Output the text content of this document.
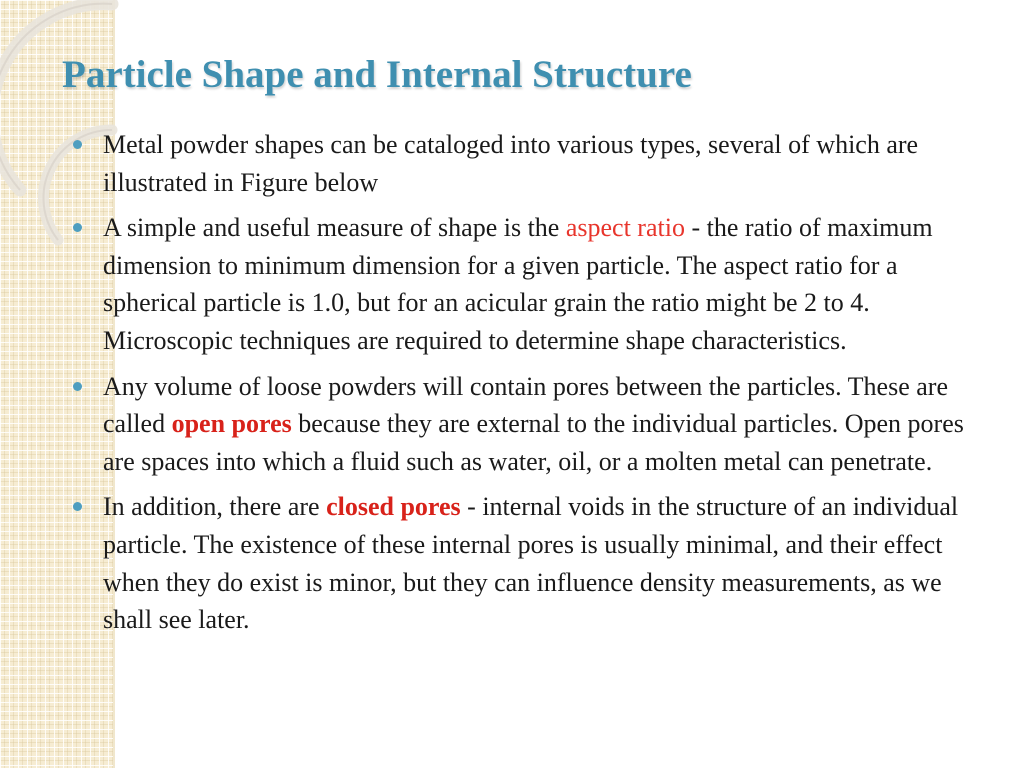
Particle Shape and Internal Structure
Metal powder shapes can be cataloged into various types, several of which are illustrated in Figure below
A simple and useful measure of shape is the aspect ratio - the ratio of maximum dimension to minimum dimension for a given particle. The aspect ratio for a spherical particle is 1.0, but for an acicular grain the ratio might be 2 to 4. Microscopic techniques are required to determine shape characteristics.
Any volume of loose powders will contain pores between the particles. These are called open pores because they are external to the individual particles. Open pores are spaces into which a fluid such as water, oil, or a molten metal can penetrate.
In addition, there are closed pores - internal voids in the structure of an individual particle. The existence of these internal pores is usually minimal, and their effect when they do exist is minor, but they can influence density measurements, as we shall see later.
